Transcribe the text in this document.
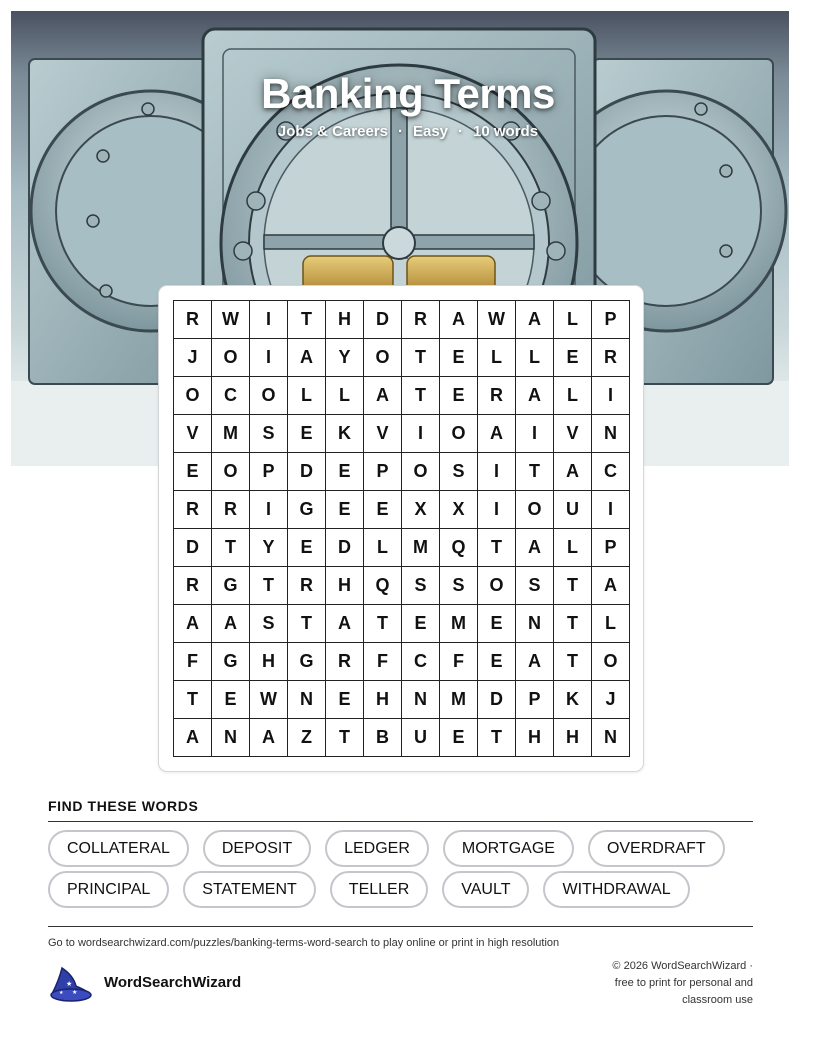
Banking Terms
Jobs & Careers · Easy · 10 words
R	W	I	T	H	D	R	A	W	A	L	P
J	O	I	A	Y	O	T	E	L	L	E	R
O	C	O	L	L	A	T	E	R	A	L	I
V	M	S	E	K	V	I	O	A	I	V	N
E	O	P	D	E	P	O	S	I	T	A	C
R	R	I	G	E	E	X	X	I	O	U	I
D	T	Y	E	D	L	M	Q	T	A	L	P
R	G	T	R	H	Q	S	S	O	S	T	A
A	A	S	T	A	T	E	M	E	N	T	L
F	G	H	G	R	F	C	F	E	A	T	O
T	E	W	N	E	H	N	M	D	P	K	J
A	N	A	Z	T	B	U	E	T	H	H	N
FIND THESE WORDS
COLLATERAL	DEPOSIT	LEDGER	MORTGAGE	OVERDRAFT
PRINCIPAL	STATEMENT	TELLER	VAULT	WITHDRAWAL
Go to wordsearchwizard.com/puzzles/banking-terms-word-search to play online or print in high resolution
★
★
★
WordSearchWizard
© 2026 WordSearchWizard ·
free to print for personal and
classroom use
